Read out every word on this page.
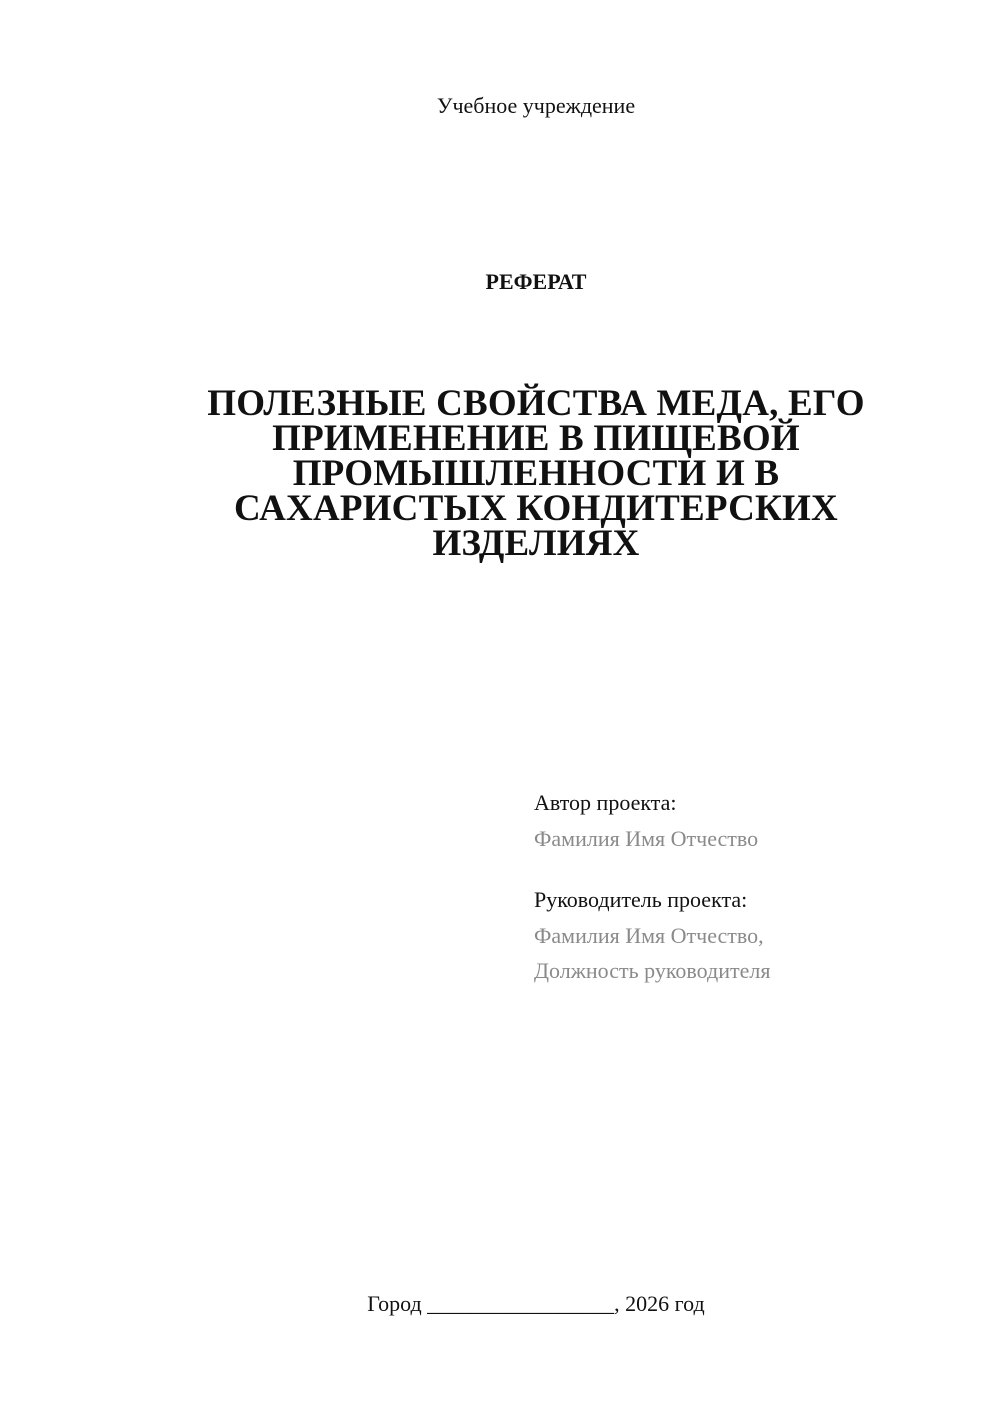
Учебное учреждение
РЕФЕРАТ
ПОЛЕЗНЫЕ СВОЙСТВА МЕДА, ЕГО
ПРИМЕНЕНИЕ В ПИЩЕВОЙ
ПРОМЫШЛЕННОСТИ И В
САХАРИСТЫХ КОНДИТЕРСКИХ
ИЗДЕЛИЯХ
Автор проекта:
Фамилия Имя Отчество
Руководитель проекта:
Фамилия Имя Отчество,
Должность руководителя
Город _________________, 2026 год
